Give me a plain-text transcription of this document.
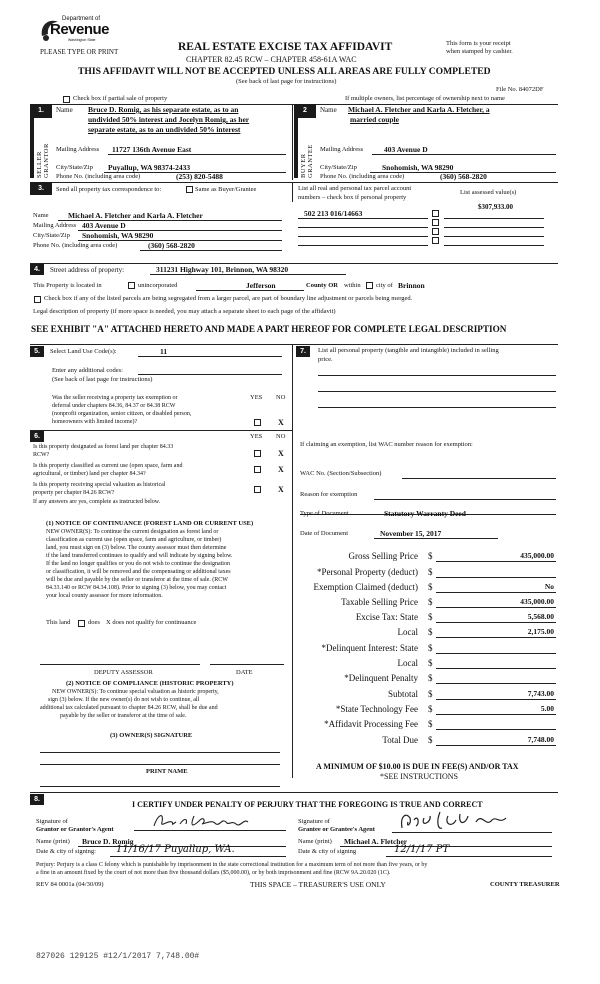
Department of
Revenue
Washington State
PLEASE TYPE OR PRINT	REAL ESTATE EXCISE TAX AFFIDAVIT
CHAPTER 82.45 RCW – CHAPTER 458-61A WAC
This form is your receipt
when stamped by cashier.
THIS AFFIDAVIT WILL NOT BE ACCEPTED UNLESS ALL AREAS ARE FULLY COMPLETED
(See back of last page for instructions)
File No. 84072DF
Check box if partial sale of property	If multiple owners, list percentage of ownership next to name
1.
SELLER GRANTOR
Name Bruce D. Romig, as his separate estate, as to an
undivided 50% interest and Jocelyn Romig, as her
separate estate, as to an undivided 50% interest
Mailing Address 11727 136th Avenue East
City/State/Zip Puyallup, WA 98374-2433
Phone No. (including area code)	(253) 820-5488
2
BUYER GRANTEE
Name Michael A. Fletcher and Karla A. Fletcher, a
married couple
Mailing Address	403 Avenue D
City/State/Zip	Snohomish, WA 98290
Phone No. (including area code)	(360) 568-2820
3.	Send all property tax correspondence to:	Same as Buyer/Grantee	List all real and personal tax parcel account
numbers – check box if personal property
List assessed value(s)
$307,933.00
Name	Michael A. Fletcher and Karla A. Fletcher
Mailing Address 403 Avenue D
City/State/Zip Snohomish, WA 98290
Phone No. (including area code)	(360) 568-2820
502 213 016/14663
4.	Street address of property:	311231 Highway 101, Brinnon, WA 98320
This Property is located in	unincorporated	Jefferson	County OR within city of Brinnon
Check box if any of the listed parcels are being segregated from a larger parcel, are part of boundary line adjustment or parcels being merged.
Legal description of property (if more space is needed, you may attach a separate sheet to each page of the affidavit)
SEE EXHIBIT "A" ATTACHED HERETO AND MADE A PART HEREOF FOR COMPLETE LEGAL DESCRIPTION
5.	Select Land Use Code(s):	11
Enter any additional codes:
(See back of last page for instructions)
YES NO
Was the seller receiving a property tax exemption or
deferral under chapters 84.36, 84.37 or 84.38 RCW
(nonprofit organization, senior citizen, or disabled person,
homeowners with limited income)?	X
7.	List all personal property (tangible and intangible) included in selling
price.
If claiming an exemption, list WAC number reason for exemption:
WAC No. (Section/Subsection)
Reason for exemption
Type of Document	Statutory Warranty Deed
Date of Document	November 15, 2017
Gross Selling Price $	435,000.00
*Personal Property (deduct) $
Exemption Claimed (deduct) $	No
Taxable Selling Price $	435,000.00
Excise Tax: State $	5,568.00
Local $	2,175.00
*Delinquent Interest: State $
Local $
*Delinquent Penalty $
Subtotal $	7,743.00
*State Technology Fee $	5.00
*Affidavit Processing Fee $
Total Due $	7,748.00
A MINIMUM OF $10.00 IS DUE IN FEE(S) AND/OR TAX
*SEE INSTRUCTIONS
6.	YES NO
Is this property designated as forest land per chapter 84.33
RCW?	X
Is this property classified as current use (open space, farm and
agricultural, or timber) land per chapter 84.34?	X
Is this property receiving special valuation as historical
property per chapter 84.26 RCW?	X
If any answers are yes, complete as instructed below.
(1) NOTICE OF CONTINUANCE (FOREST LAND OR CURRENT USE)
NEW OWNER(S): To continue the current designation as forest land or
classification as current use (open space, farm and agriculture, or timber)
land, you must sign on (3) below. The county assessor must then determine
if the land transferred continues to qualify and will indicate by signing below.
If the land no longer qualifies or you do not wish to continue the designation
or classification, it will be removed and the compensating or additional taxes
will be due and payable by the seller or transferor at the time of sale. (RCW
84.33.140 or RCW 84.34.108). Prior to signing (3) below, you may contact
your local county assessor for more information.
This land	does X does not qualify for continuance
DEPUTY ASSESSOR	DATE
(2) NOTICE OF COMPLIANCE (HISTORIC PROPERTY)
NEW OWNER(S): To continue special valuation as historic property,
sign (3) below. If the new owner(s) do not wish to continue, all
additional tax calculated pursuant to chapter 84.26 RCW, shall be due and
payable by the seller or transferor at the time of sale.
(3) OWNER(S) SIGNATURE
PRINT NAME
8.
I CERTIFY UNDER PENALTY OF PERJURY THAT THE FOREGOING IS TRUE AND CORRECT
Signature of
Grantor or Grantor's Agent
Name (print) Bruce D. Romig
Date & city of signing: 11/16/17 Puyallup, WA.
Signature of
Grantee or Grantee's Agent
Name (print) Michael A. Fletcher
Date & city of signing	12/1/17 PT
Perjury: Perjury is a class C felony which is punishable by imprisonment in the state correctional institution for a maximum term of not more than five years, or by
a fine in an amount fixed by the court of not more than five thousand dollars ($5,000.00), or by both imprisonment and fine (RCW 9A.20.020 (1C).
REV 84 0001a (04/30/09)	THIS SPACE – TREASURER'S USE ONLY	COUNTY TREASURER
827026 129125 #12/1/2017 7,748.00#
